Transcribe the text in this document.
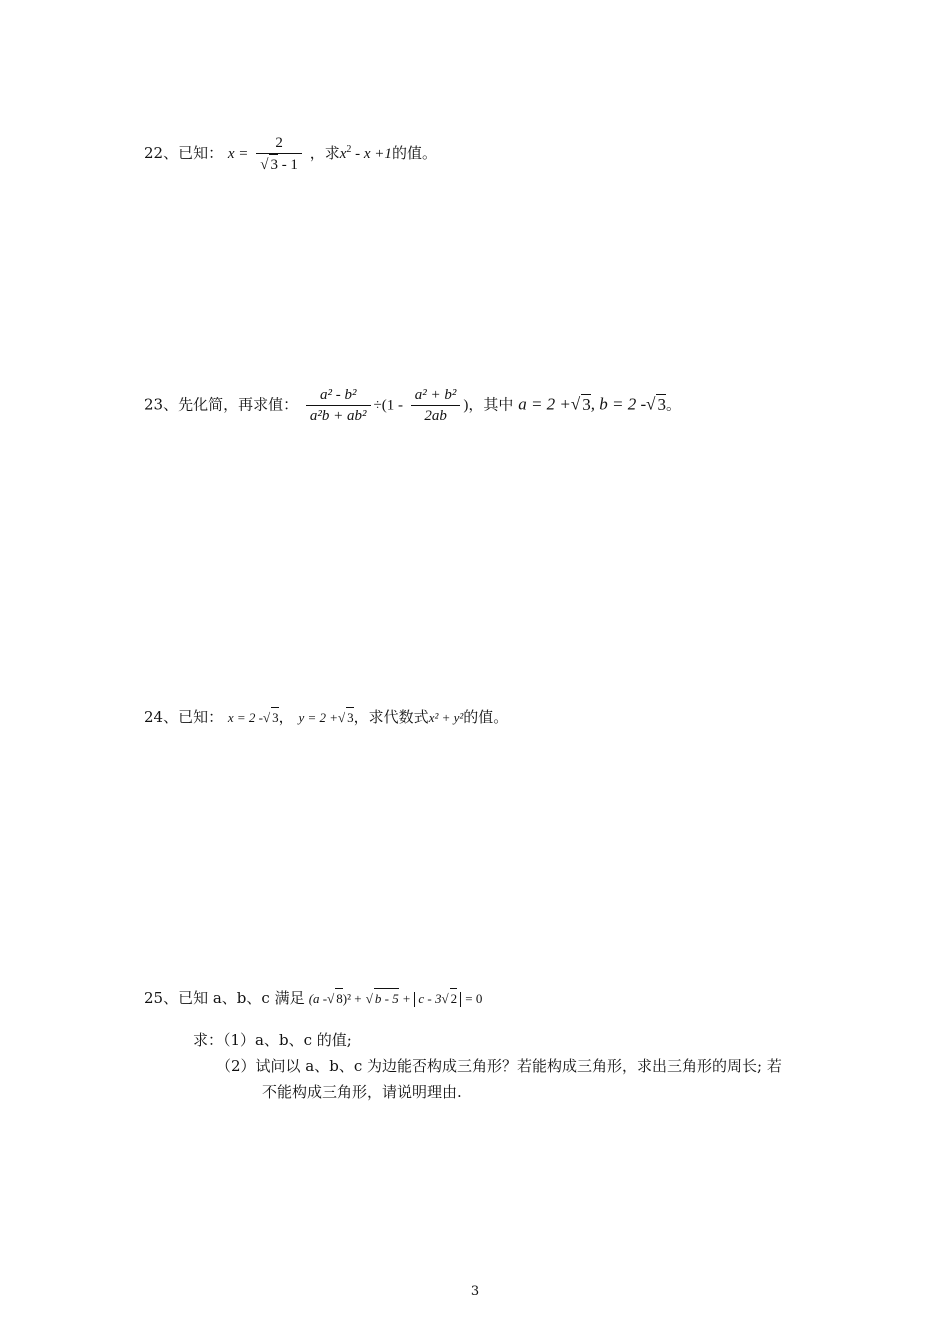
22、已知： $x = \frac{2}{√ 3 - 1}$ ，求$x^2 - x +1$的值。
23、先化简，再求值： $\frac{\text{a² - b²}}{\text{a²b + ab²}} \div(1 - \frac{\text{a² + b²}}{2ab}$ )，其中 a = 2 +√ 3, b = 2 -√ 3。
24、已知： x = 2 -√ 3， y = 2 +√ 3，求代数式x² + y²的值。
25、已知 a、b、c 满足 (a -√ 8)² + √ b - 5 + c - 3√ 2 = 0
求：（1）a、b、c 的值;
（2）试问以 a、b、c 为边能否构成三角形？若能构成三角形，求出三角形的周长; 若
不能构成三角形，请说明理由.
3
